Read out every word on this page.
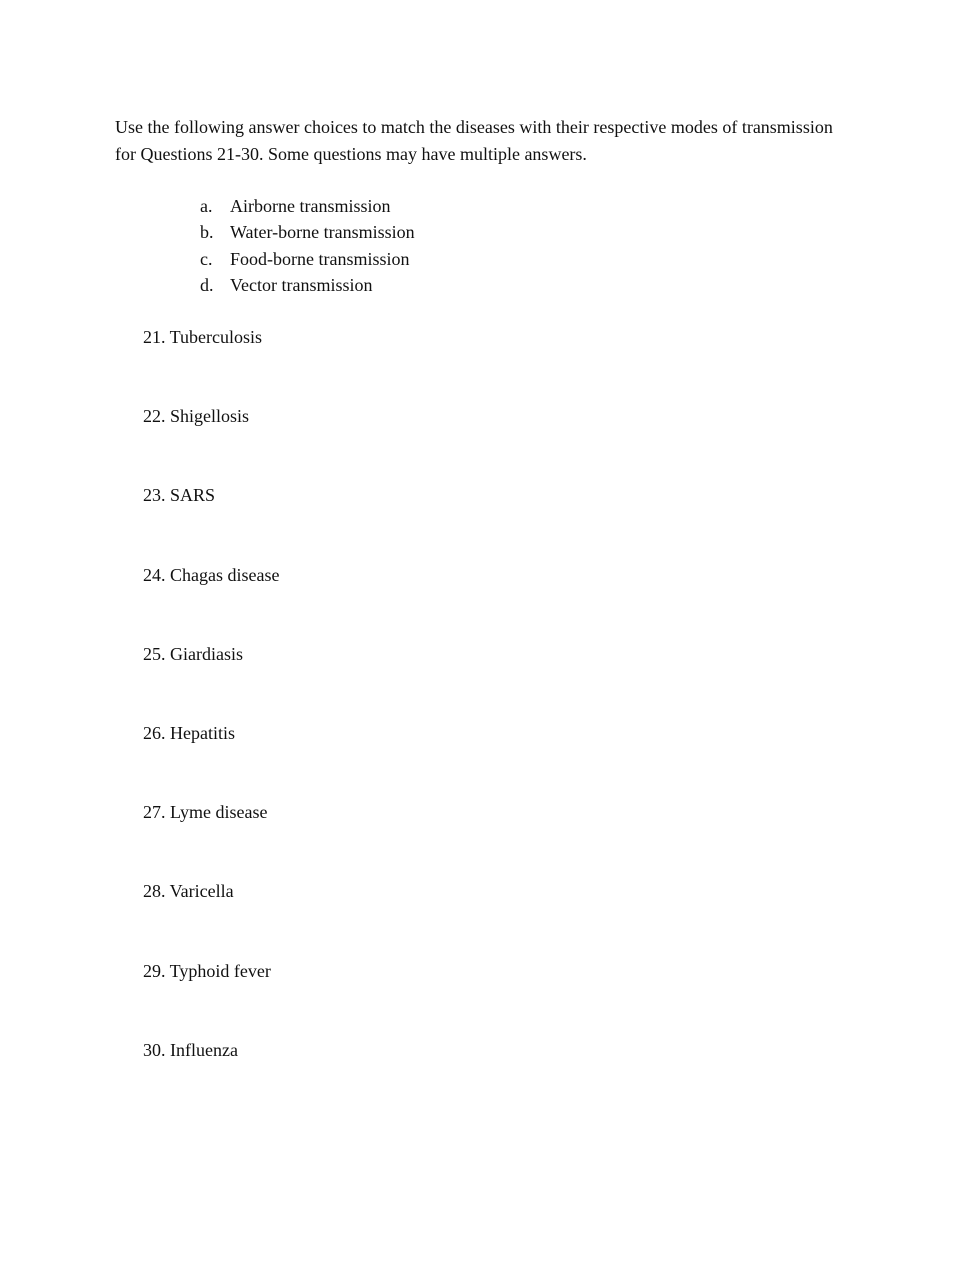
Use the following answer choices to match the diseases with their respective modes of transmission for Questions 21-30. Some questions may have multiple answers.

a. Airborne transmission
b. Water-borne transmission
c. Food-borne transmission
d. Vector transmission
21. Tuberculosis
22. Shigellosis
23. SARS
24. Chagas disease
25. Giardiasis
26. Hepatitis
27. Lyme disease
28. Varicella
29. Typhoid fever
30. Influenza
